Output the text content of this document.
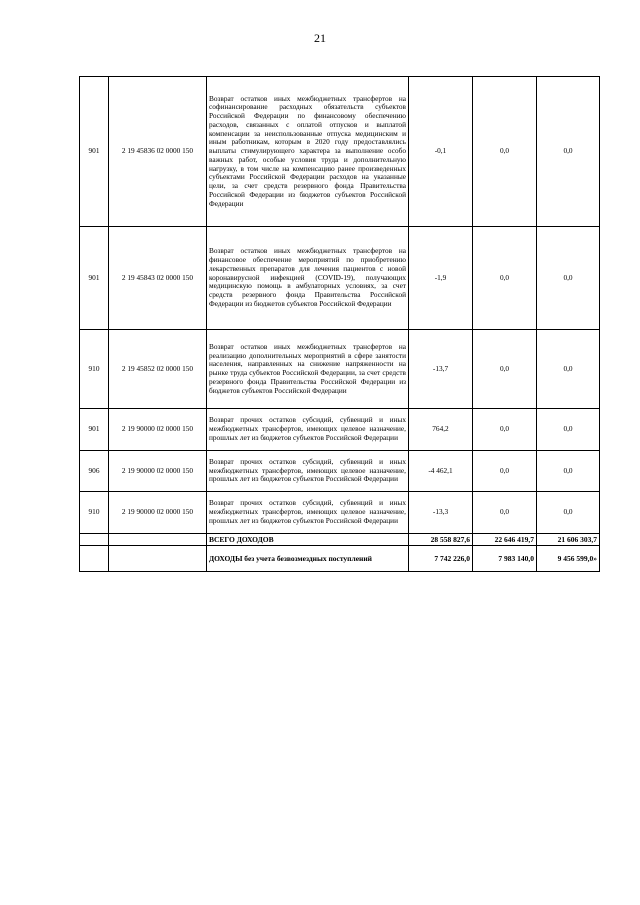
21
901	2 19 45836 02 0000 150	Возврат остатков иных межбюджетных трансфертов на софинансирование расходных обязательств субъектов Российской Федерации по финансовому обеспечению расходов, связанных с оплатой отпусков и выплатой компенсации за неиспользованные отпуска медицинским и иным работникам, которым в 2020 году предоставлялись выплаты стимулирующего характера за выполнение особо важных работ, особые условия труда и дополнительную нагрузку, в том числе на компенсацию ранее произведенных субъектами Российской Федерации расходов на указанные цели, за счет средств резервного фонда Правительства Российской Федерации из бюджетов субъектов Российской Федерации	-0,1	0,0	0,0
901	2 19 45843 02 0000 150	Возврат остатков иных межбюджетных трансфертов на финансовое обеспечение мероприятий по приобретению лекарственных препаратов для лечения пациентов с новой коронавирусной инфекцией (COVID-19), получающих медицинскую помощь в амбулаторных условиях, за счет средств резервного фонда Правительства Российской Федерации из бюджетов субъектов Российской Федерации	-1,9	0,0	0,0
910	2 19 45852 02 0000 150	Возврат остатков иных межбюджетных трансфертов на реализацию дополнительных мероприятий в сфере занятости населения, направленных на снижение напряженности на рынке труда субъектов Российской Федерации, за счет средств резервного фонда Правительства Российской Федерации из бюджетов субъектов Российской Федерации	-13,7	0,0	0,0
901	2 19 90000 02 0000 150	Возврат прочих остатков субсидий, субвенций и иных межбюджетных трансфертов, имеющих целевое назначение, прошлых лет из бюджетов субъектов Российской Федерации	764,2	0,0	0,0
906	2 19 90000 02 0000 150	Возврат прочих остатков субсидий, субвенций и иных межбюджетных трансфертов, имеющих целевое назначение, прошлых лет из бюджетов субъектов Российской Федерации	-4 462,1	0,0	0,0
910	2 19 90000 02 0000 150	Возврат прочих остатков субсидий, субвенций и иных межбюджетных трансфертов, имеющих целевое назначение, прошлых лет из бюджетов субъектов Российской Федерации	-13,3	0,0	0,0
		ВСЕГО ДОХОДОВ	28 558 827,6	22 646 419,7	21 606 303,7
		ДОХОДЫ без учета безвозмездных поступлений	7 742 226,0	7 983 140,0	9 456 599,0»
